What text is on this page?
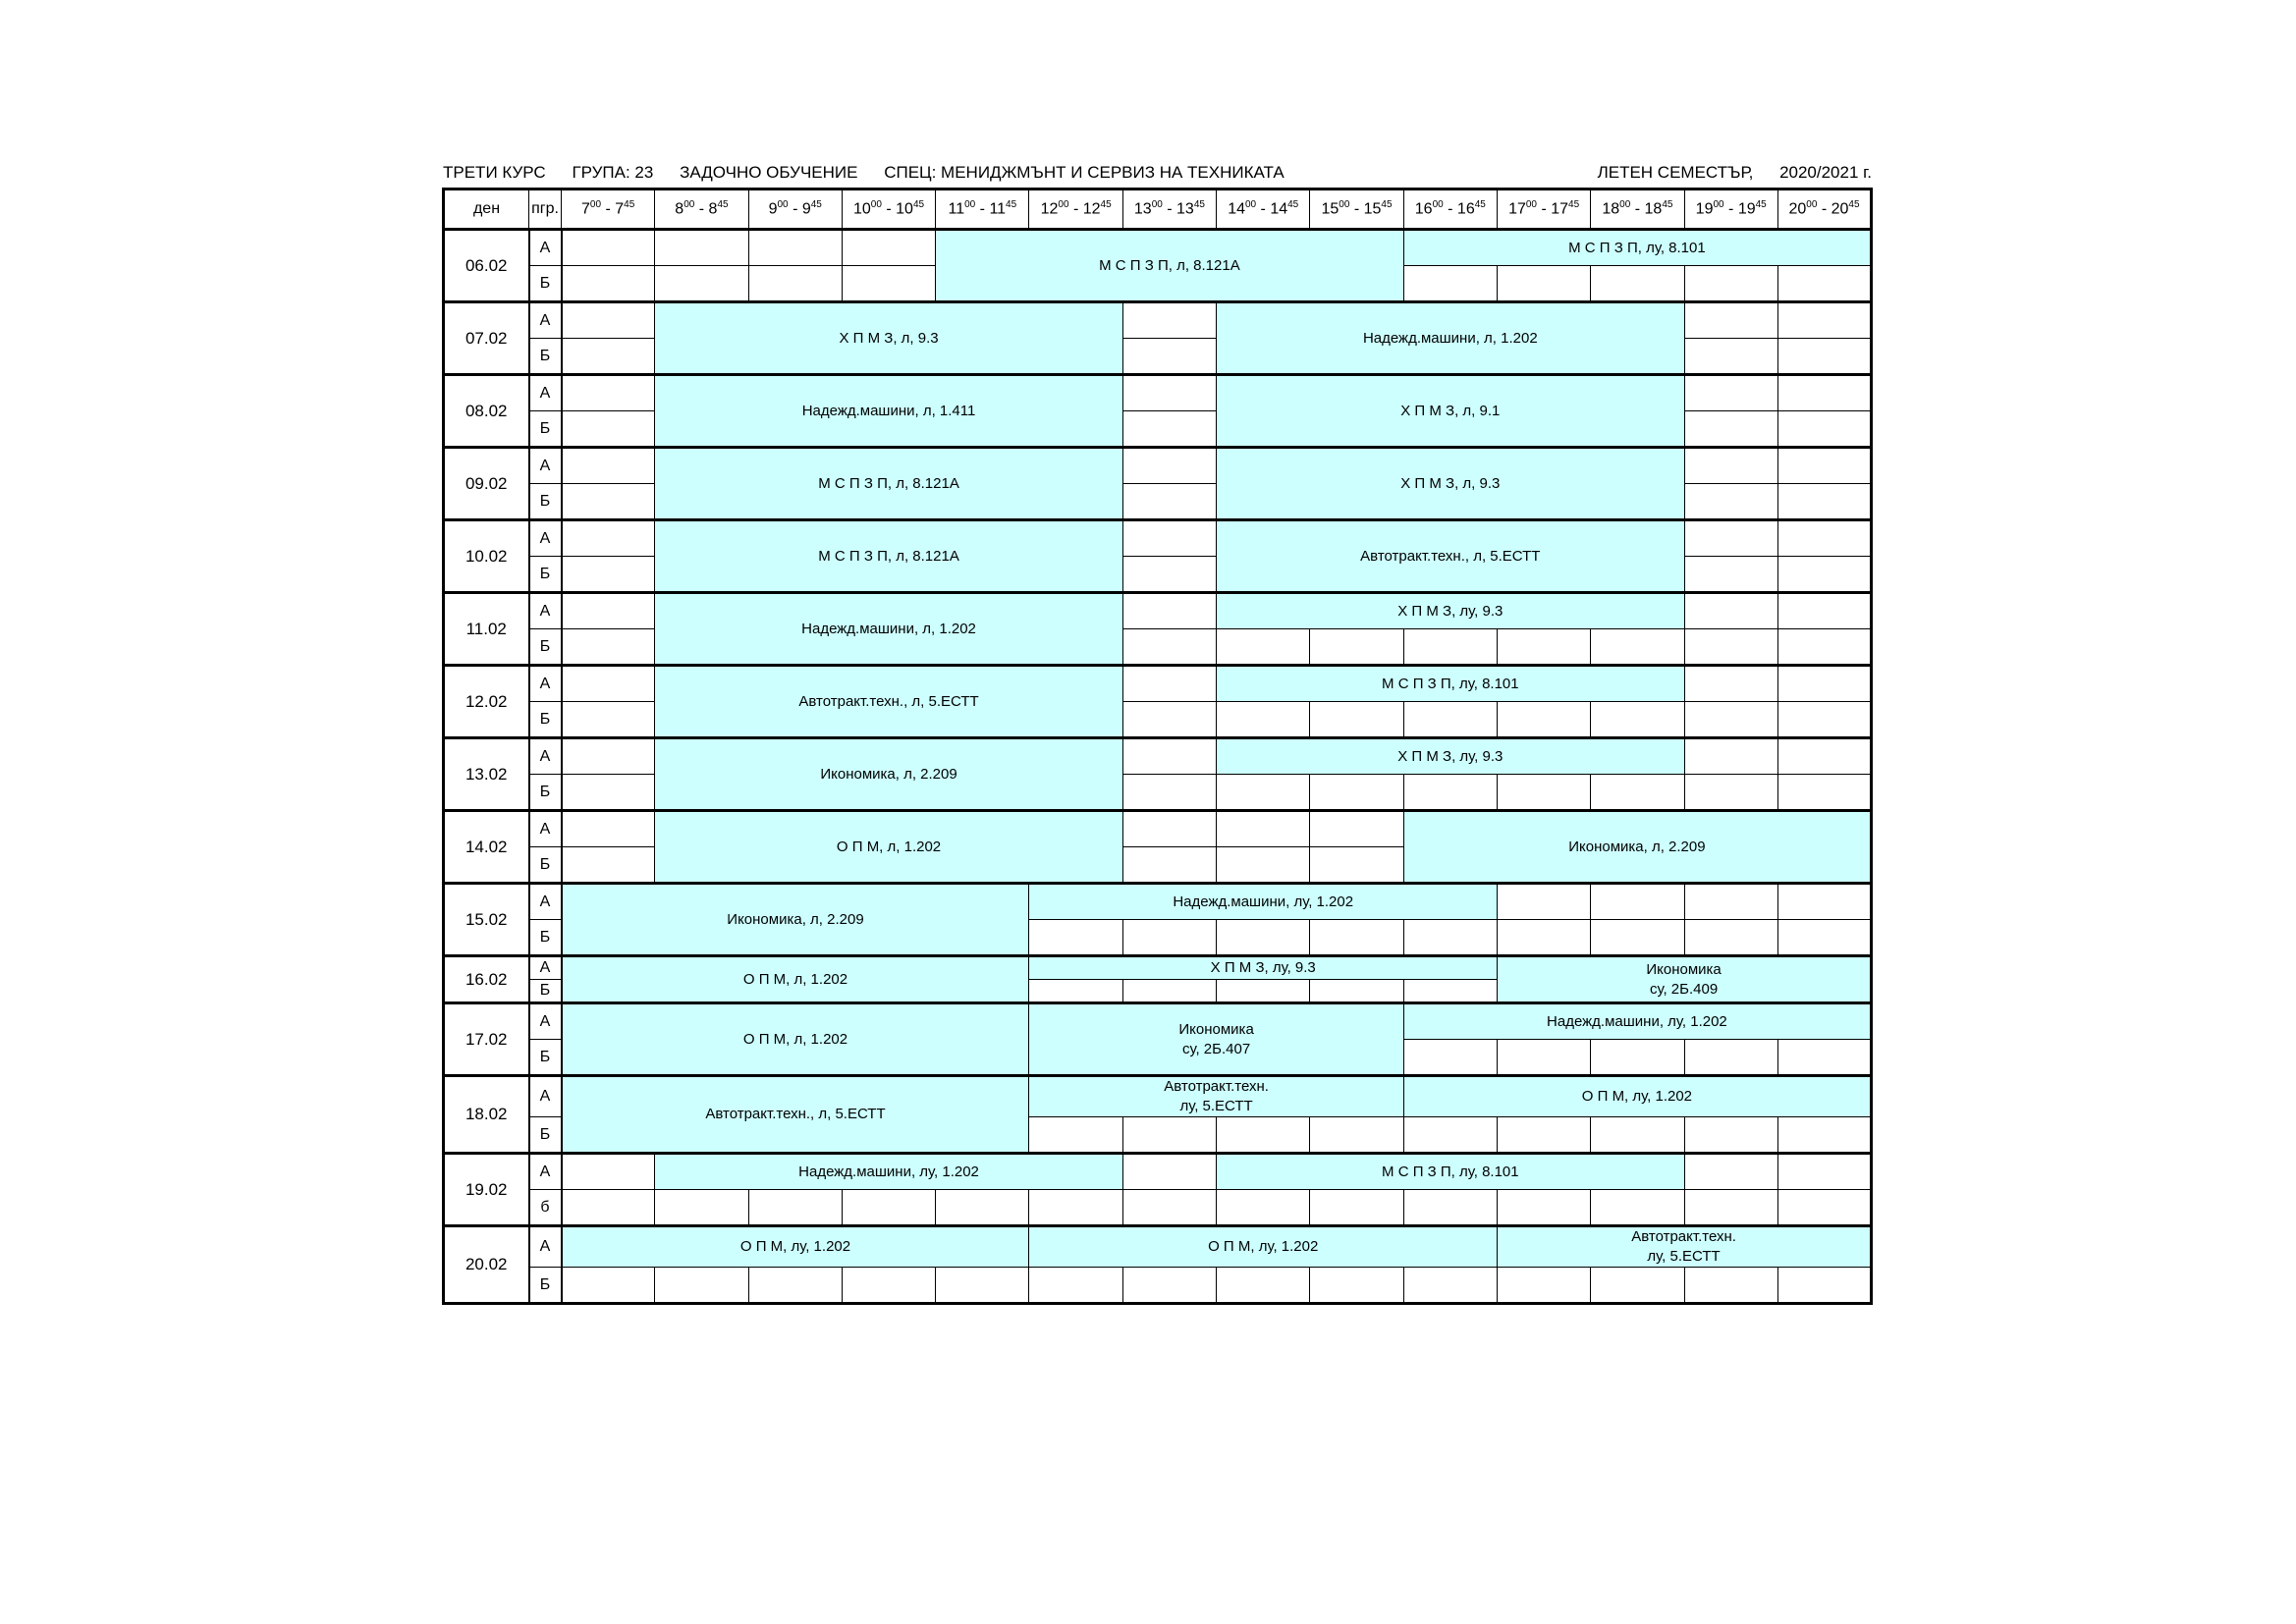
ТРЕТИ КУРС ГРУПА: 23 ЗАДОЧНО ОБУЧЕНИЕ СПЕЦ: МЕНИДЖМЪНТ И СЕРВИЗ НА ТЕХНИКАТА	ЛЕТЕН СЕМЕСТЪР, 2020/2021 г.
ден	пгр.	$7^{00} - 7^{45}$	$8^{00} - 8^{45}$	$9^{00} - 9^{45}$	$10^{00} - 10^{45}$	$11^{00} - 11^{45}$	$12^{00} - 12^{45}$	$13^{00} - 13^{45}$	$14^{00} - 14^{45}$	$15^{00} - 15^{45}$	$16^{00} - 16^{45}$	$17^{00} - 17^{45}$	$18^{00} - 18^{45}$	$19^{00} - 19^{45}$	$20^{00} - 20^{45}$
06.02	А					М С П З П, л, 8.121А					М С П З П, лу, 8.101				
	Б														
07.02	А		Х П М З, л, 9.3						Надежд.машини, л, 1.202						
	Б														
08.02	А		Надежд.машини, л, 1.411						Х П М З, л, 9.1						
	Б														
09.02	А		М С П З П, л, 8.121А						Х П М З, л, 9.3						
	Б														
10.02	А		М С П З П, л, 8.121А						Автотракт.техн., л, 5.ЕСТТ						
	Б														
11.02	А		Надежд.машини, л, 1.202						Х П М З, лу, 9.3						
	Б														
12.02	А		Автотракт.техн., л, 5.ЕСТТ						М С П З П, лу, 8.101						
	Б														
13.02	А		Икономика, л, 2.209						Х П М З, лу, 9.3						
	Б														
14.02	А		О П М, л, 1.202								Икономика, л, 2.209				
	Б														
15.02	А	Икономика, л, 2.209					Надежд.машини, лу, 1.202								
	Б														
16.02	А	О П М, л, 1.202					Х П М З, лу, 9.3					Икономика
су, 2Б.409			
	Б														
17.02	А	О П М, л, 1.202					Икономика
су, 2Б.407				Надежд.машини, лу, 1.202				
	Б														
18.02	А	Автотракт.техн., л, 5.ЕСТТ					Автотракт.техн.
лу, 5.ЕСТТ				О П М, лу, 1.202				
	Б														
19.02	А		Надежд.машини, лу, 1.202						М С П З П, лу, 8.101						
	б														
20.02	А	О П М, лу, 1.202					О П М, лу, 1.202					Автотракт.техн.
лу, 5.ЕСТТ			
	Б														
